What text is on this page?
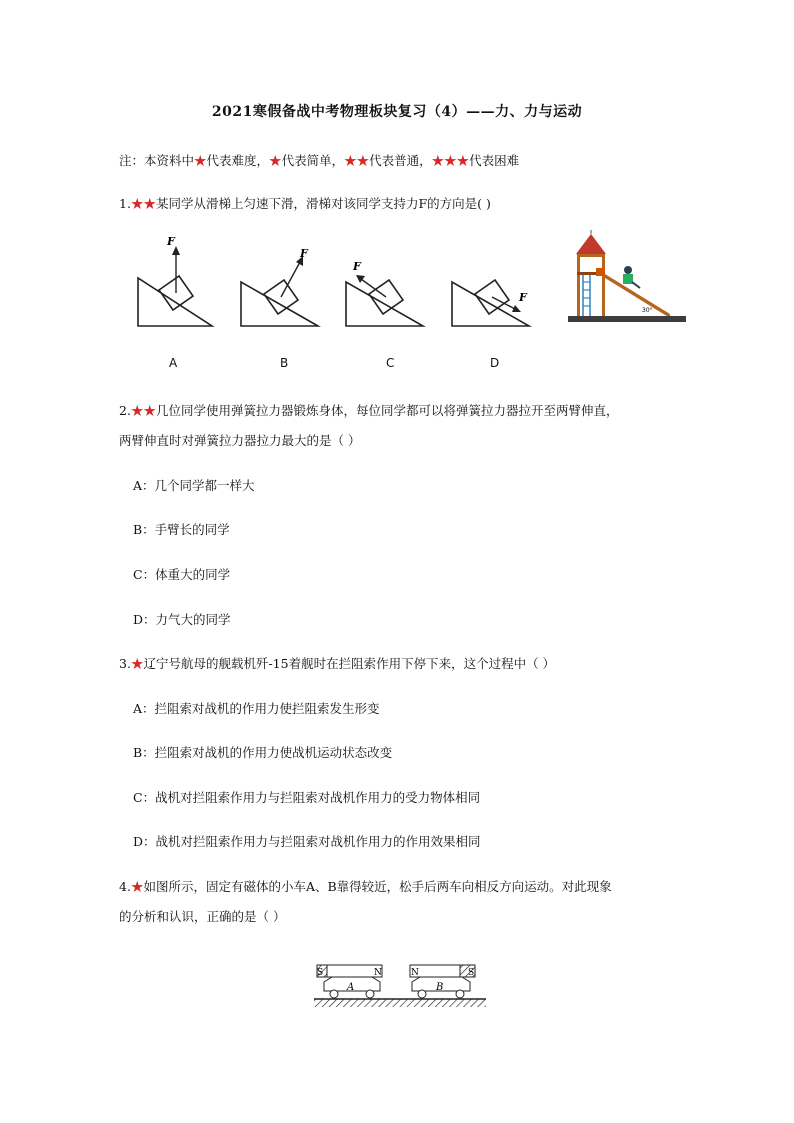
2021寒假备战中考物理板块复习（4）——力、力与运动
注：本资料中★代表难度，★代表简单，★★代表普通，★★★代表困难
1.★★某同学从滑梯上匀速下滑，滑梯对该同学支持力F的方向是( )
F
F
F
F
30°
A	B	C	D
2.★★几位同学使用弹簧拉力器锻炼身体，每位同学都可以将弹簧拉力器拉开至两臂伸直，
两臂伸直时对弹簧拉力器拉力最大的是（ ）
A：几个同学都一样大
B：手臂长的同学
C：体重大的同学
D：力气大的同学
3.★辽宁号航母的舰载机歼-15着舰时在拦阻索作用下停下来，这个过程中（ ）
A：拦阻索对战机的作用力使拦阻索发生形变
B：拦阻索对战机的作用力使战机运动状态改变
C：战机对拦阻索作用力与拦阻索对战机作用力的受力物体相同
D：战机对拦阻索作用力与拦阻索对战机作用力的作用效果相同
4.★如图所示，固定有磁体的小车A、B靠得较近，松手后两车向相反方向运动。对此现象
的分析和认识，正确的是（ ）
S	N
A
N	S
B
